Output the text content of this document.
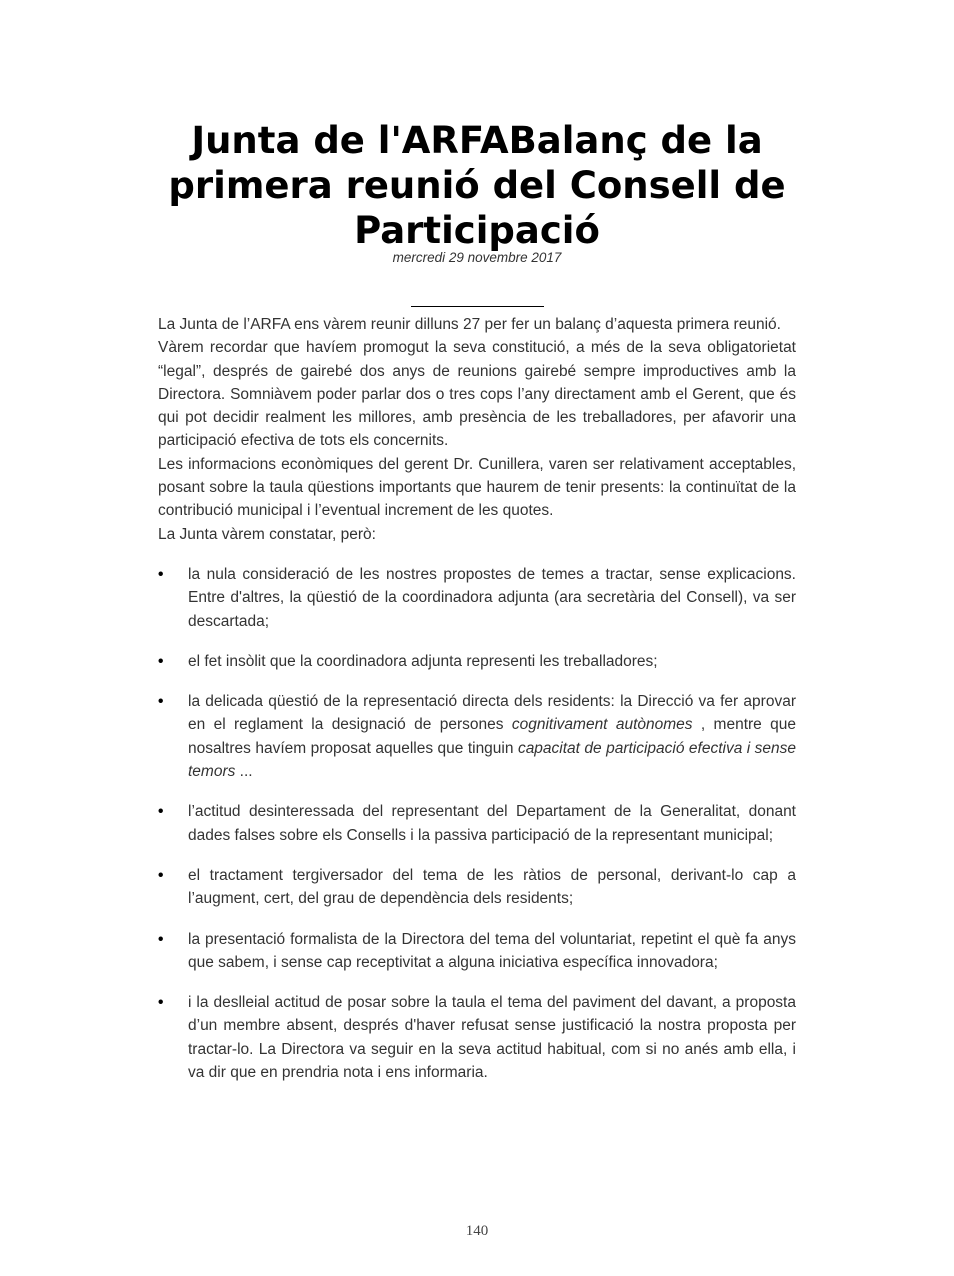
Junta de l'ARFABalanç de la primera reunió del Consell de Participació
mercredi 29 novembre 2017

La Junta de l’ARFA ens vàrem reunir dilluns 27 per fer un balanç d’aquesta primera reunió.

Vàrem recordar que havíem promogut la seva constitució, a més de la seva obligatorietat “legal”, després de gairebé dos anys de reunions gairebé sempre improductives amb la Directora. Somniàvem poder parlar dos o tres cops l’any directament amb el Gerent, que és qui pot decidir realment les millores, amb presència de les treballadores, per afavorir una participació efectiva de tots els concernits.

Les informacions econòmiques del gerent Dr. Cunillera, varen ser relativament acceptables, posant sobre la taula qüestions importants que haurem de tenir presents: la continuïtat de la contribució municipal i l’eventual increment de les quotes.

La Junta vàrem constatar, però:

• la nula consideració de les nostres propostes de temes a tractar, sense explicacions. Entre d'altres, la qüestió de la coordinadora adjunta (ara secretària del Consell), va ser descartada;
• el fet insòlit que la coordinadora adjunta representi les treballadores;
• la delicada qüestió de la representació directa dels residents: la Direcció va fer aprovar en el reglament la designació de persones cognitivament autònomes , mentre que nosaltres havíem proposat aquelles que tinguin capacitat de participació efectiva i sense temors ...
• l’actitud desinteressada del representant del Departament de la Generalitat, donant dades falses sobre els Consells i la passiva participació de la representant municipal;
• el tractament tergiversador del tema de les ràtios de personal, derivant-lo cap a l’augment, cert, del grau de dependència dels residents;
• la presentació formalista de la Directora del tema del voluntariat, repetint el què fa anys que sabem, i sense cap receptivitat a alguna iniciativa específica innovadora;
• i la deslleial actitud de posar sobre la taula el tema del paviment del davant, a proposta d’un membre absent, després d'haver refusat sense justificació la nostra proposta per tractar-lo. La Directora va seguir en la seva actitud habitual, com si no anés amb ella, i va dir que en prendria nota i ens informaria.
140
